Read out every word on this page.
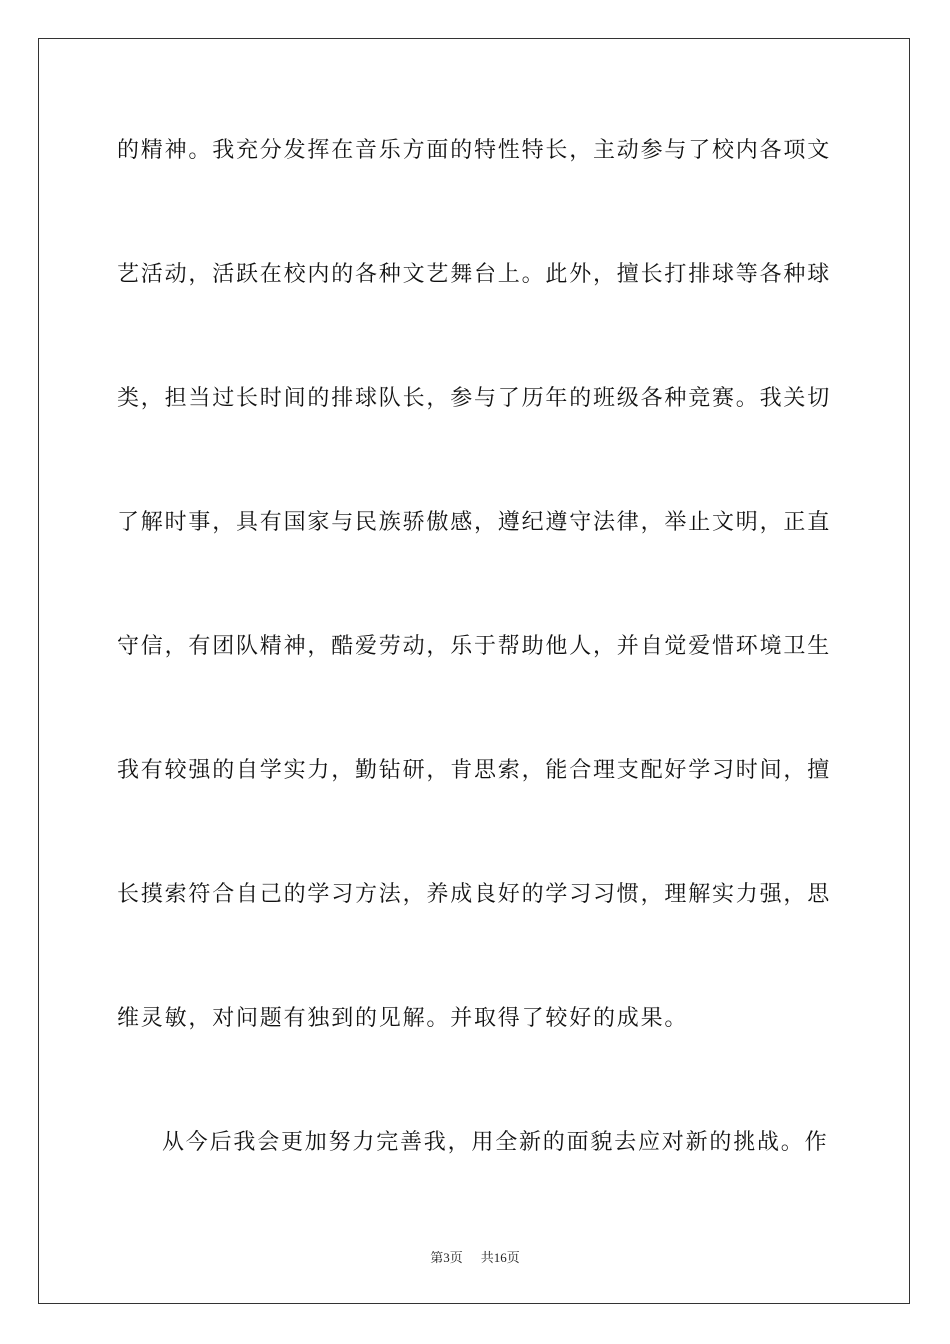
的精神。我充分发挥在音乐方面的特性特长，主动参与了校内各项文
艺活动，活跃在校内的各种文艺舞台上。此外，擅长打排球等各种球
类，担当过长时间的排球队长，参与了历年的班级各种竞赛。我关切
了解时事，具有国家与民族骄傲感，遵纪遵守法律，举止文明，正直
守信，有团队精神，酷爱劳动，乐于帮助他人，并自觉爱惜环境卫生
我有较强的自学实力，勤钻研，肯思索，能合理支配好学习时间，擅
长摸索符合自己的学习方法，养成良好的学习习惯，理解实力强，思
维灵敏，对问题有独到的见解。并取得了较好的成果。
从今后我会更加努力完善我，用全新的面貌去应对新的挑战。作
第3页 共16页
